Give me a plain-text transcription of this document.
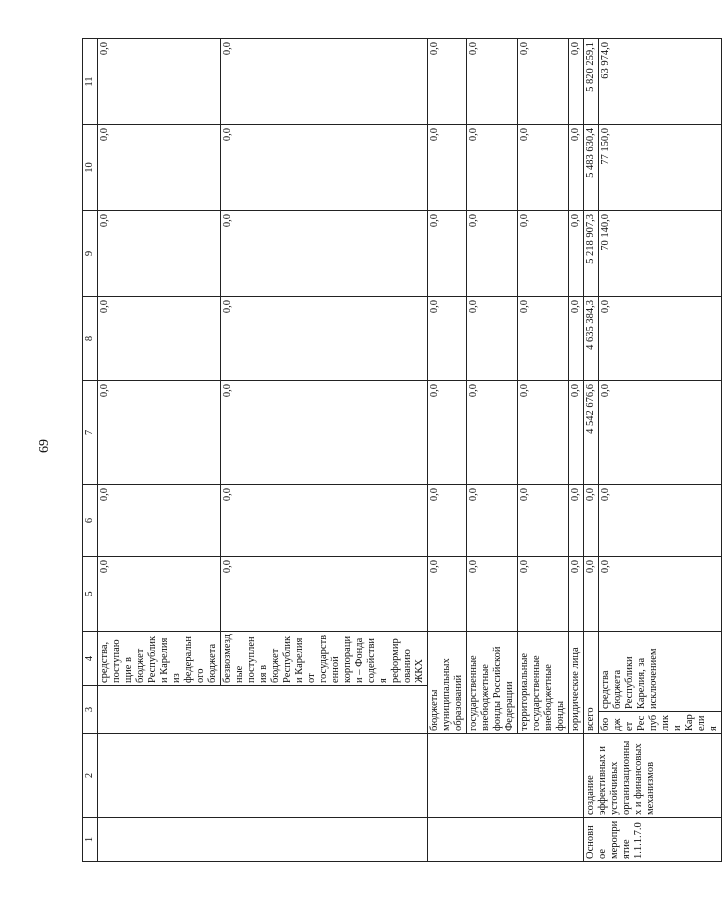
69
1	2	3		4	5	6	7	8	9	10	11
				средства, поступающие в бюджет Республики Карелия из федерального бюджета	0,0	0,0	0,0	0,0	0,0	0,0	0,0
				безвозмездные поступления в бюджет Республики Карелия от государственной корпорации – Фонда содействия реформированию ЖКХ	0,0	0,0	0,0	0,0	0,0	0,0	0,0
		бюджеты муниципальных образований			0,0	0,0	0,0	0,0	0,0	0,0	0,0
		государственные внебюджетные фонды Российской Федерации			0,0	0,0	0,0	0,0	0,0	0,0	0,0
		территориальные государственные внебюджетные фонды			0,0	0,0	0,0	0,0	0,0	0,0	0,0
		юридические лица			0,0	0,0	0,0	0,0	0,0	0,0	0,0
Основное мероприятие 1.1.1.7.0	создание эффективных и устойчивых организационных и финансовых механизмов	всего			0,0	0,0	4 542 676,6	4 635 384,3	5 218 907,3	5 483 630,4	5 820 259,1
		бюджет Республики Карелия	средства бюджета Республики Карелия, за исключением		0,0	0,0	0,0	0,0	70 140,0	77 150,0	63 974,0
